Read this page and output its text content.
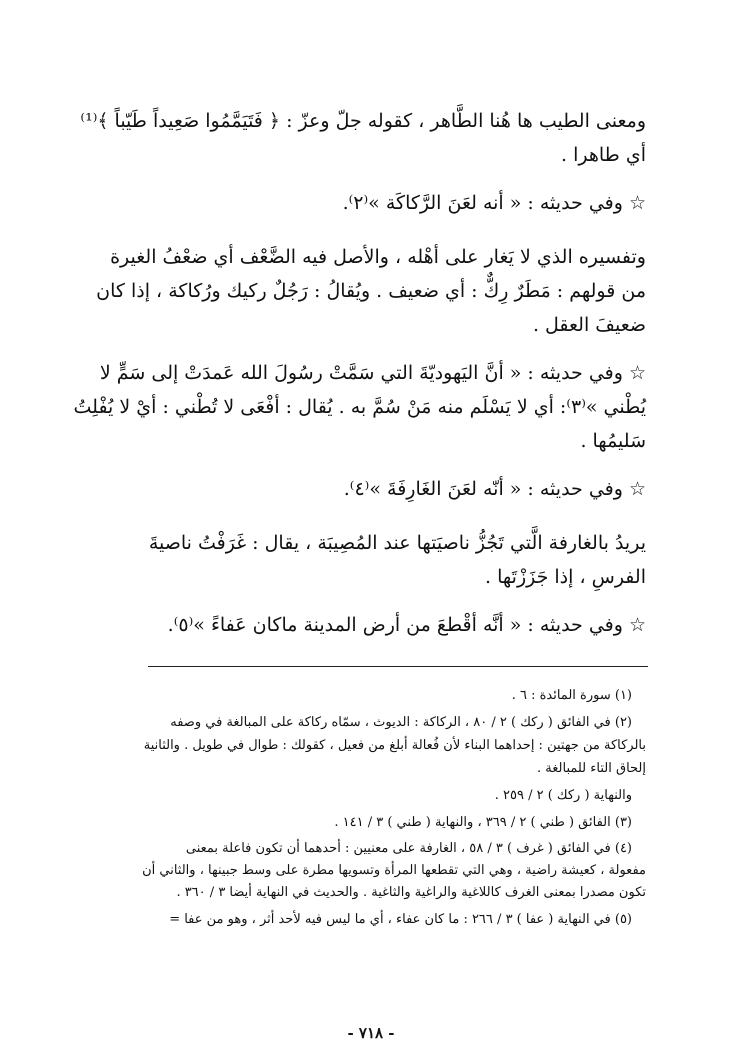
ومعنى الطيب ها هُنا الطَّاهر ، كقوله جلّ وعزّ : ﴿ فَتَيَمَّمُوا صَعِيداً طَيّباً ﴾⁽¹⁾
أي طاهرا .
☆ وفي حديثه : « أنه لعَنَ الرَّكاكَة »⁽٢⁾.
وتفسيره الذي لا يَغار على أهْله ، والأصل فيه الضَّعْف أي ضعْفُ الغيرة
من قولهم : مَطَرٌ رِكٌّ : أي ضعيف . ويُقالُ : رَجُلٌ ركيك ورُكاكة ، إذا كان
ضعيفَ العقل .
☆ وفي حديثه : « أنَّ اليَهوديّةَ التي سَمَّتْ رسُولَ الله عَمدَتْ إلى سَمٍّ لا
يُطْني »⁽٣⁾: أي لا يَسْلَم منه مَنْ سُمَّ به . يُقال : أفْعَى لا تُطْني : أيْ لا يُفْلِتُ
سَليمُها .
☆ وفي حديثه : « أنّه لعَنَ الغَارِفَةَ »⁽٤⁾.
يريدُ بالغارفة الَّتي تَجُزُّ ناصيَتها عند المُصِيبَة ، يقال : غَرَفْتُ ناصيةَ
الفرسِ ، إذا جَزَزْتَها .
☆ وفي حديثه : « أنَّه أقْطعَ من أرض المدينة ماكان عَفاءً »⁽٥⁾.
(١) سورة المائدة : ٦ .
(٢) في الفائق ( ركك ) ٢ / ٨٠ ، الركاكة : الديوث ، سمّاه ركاكة على المبالغة في وصفه
بالركاكة من جهتين : إحداهما البناء لأن فُعالة أبلغ من فعيل ، كقولك : طوال في طويل . والثانية
إلحاق التاء للمبالغة .
والنهاية ( ركك ) ٢ / ٢٥٩ .
(٣) الفائق ( طني ) ٢ / ٣٦٩ ، والنهاية ( طني ) ٣ / ١٤١ .
(٤) في الفائق ( غرف ) ٣ / ٥٨ ، الغارفة على معنيين : أحدهما أن تكون فاعلة بمعنى
مفعولة ، كعيشة راضية ، وهي التي تقطعها المرأة وتسويها مطرة على وسط جبينها ، والثاني أن
تكون مصدرا بمعنى الغرف كاللاغية والراغية والثاغية . والحديث في النهاية أيضا ٣ / ٣٦٠ .
(٥) في النهاية ( عفا ) ٣ / ٢٦٦ : ما كان عفاء ، أي ما ليس فيه لأحد أثر ، وهو من عفا =
- ٧١٨ -
